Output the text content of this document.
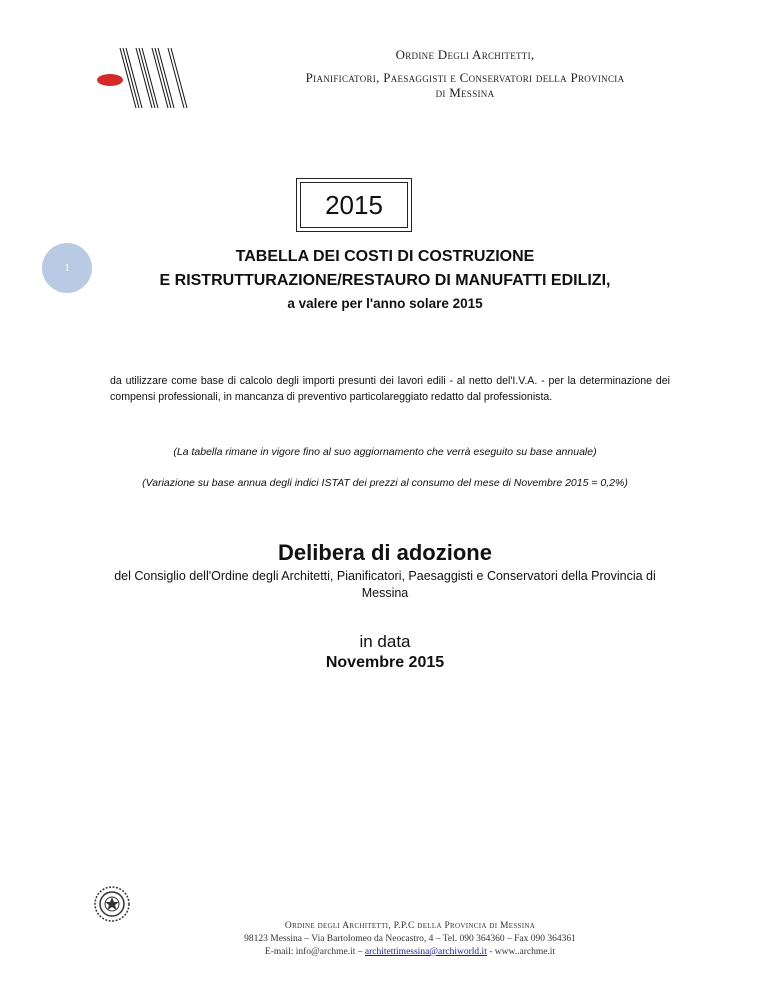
Ordine Degli Architetti,
Pianificatori, Paesaggisti e Conservatori della Provincia
di Messina
2015
1
TABELLA DEI COSTI DI COSTRUZIONE
E RISTRUTTURAZIONE/RESTAURO DI MANUFATTI EDILIZI,
a valere per l'anno solare 2015
da utilizzare come base di calcolo degli importi presunti dei lavori edili - al netto del'I.V.A. - per la determinazione dei compensi professionali, in mancanza di preventivo particolareggiato redatto dal professionista.
(La tabella rimane in vigore fino al suo aggiornamento che verrà eseguito su base annuale)
(Variazione su base annua degli indici ISTAT dei prezzi al consumo del mese di Novembre 2015 = 0,2%)
Delibera di adozione
del Consiglio dell'Ordine degli Architetti, Pianificatori, Paesaggisti e Conservatori della Provincia di Messina
in data
Novembre 2015
Ordine degli Architetti, P.P.C della Provincia di Messina
98123 Messina – Via Bartolomeo da Neocastro, 4 – Tel. 090 364360 – Fax 090 364361
E-mail: info@archme.it – architettimessina@archiworld.it - www..archme.it
